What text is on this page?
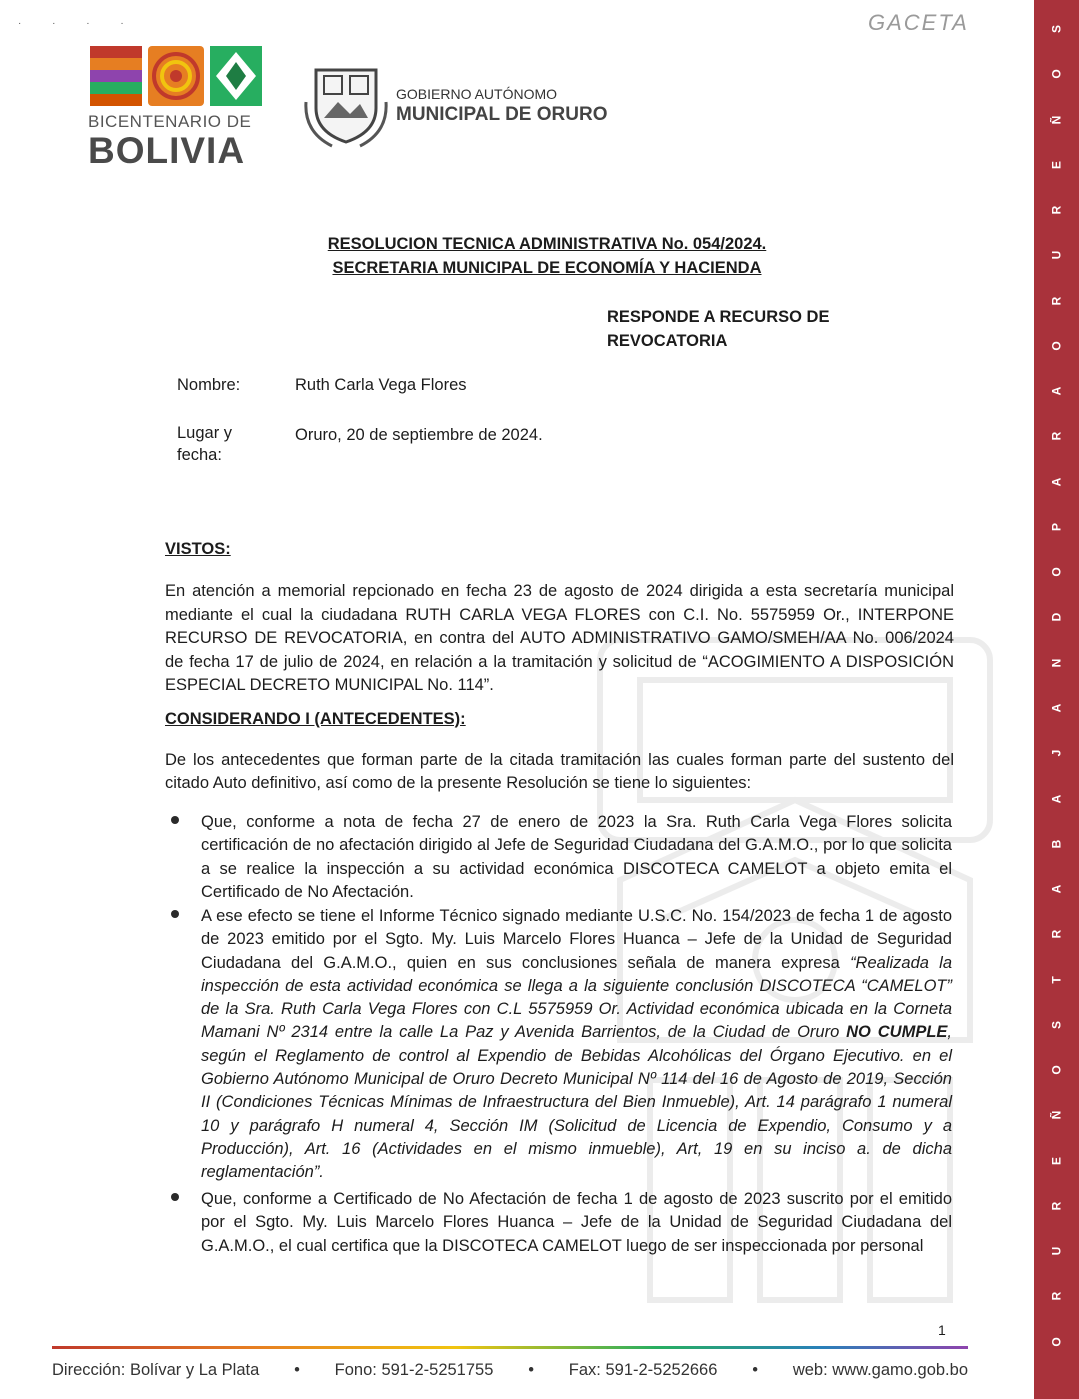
S
O
Ñ
E
R
U
R
O
A
R
A
P
O
D
N
A
J
A
B
A
R
T
S
O
Ñ
E
R
U
R
O
GACETA
· · · ·
BICENTENARIO DE
BOLIVIA
GOBIERNO AUTÓNOMO
MUNICIPAL DE ORURO
RESOLUCION TECNICA ADMINISTRATIVA No. 054/2024.
SECRETARIA MUNICIPAL DE ECONOMÍA Y HACIENDA
RESPONDE A RECURSO DE
REVOCATORIA
Nombre:	Ruth Carla Vega Flores
Lugar y fecha:
Oruro, 20 de septiembre de 2024.
VISTOS:
En atención a memorial repcionado en fecha 23 de agosto de 2024 dirigida a esta secretaría municipal mediante el cual la ciudadana RUTH CARLA VEGA FLORES con C.I. No. 5575959 Or., INTERPONE RECURSO DE REVOCATORIA, en contra del AUTO ADMINISTRATIVO GAMO/SMEH/AA No. 006/2024 de fecha 17 de julio de 2024, en relación a la tramitación y solicitud de “ACOGIMIENTO A DISPOSICIÓN ESPECIAL DECRETO MUNICIPAL No. 114”.
CONSIDERANDO I (ANTECEDENTES):
De los antecedentes que forman parte de la citada tramitación las cuales forman parte del sustento del citado Auto definitivo, así como de la presente Resolución se tiene lo siguientes:
Que, conforme a nota de fecha 27 de enero de 2023 la Sra. Ruth Carla Vega Flores solicita certificación de no afectación dirigido al Jefe de Seguridad Ciudadana del G.A.M.O., por lo que solicita a se realice la inspección a su actividad económica DISCOTECA CAMELOT a objeto emita el Certificado de No Afectación.
A ese efecto se tiene el Informe Técnico signado mediante U.S.C. No. 154/2023 de fecha 1 de agosto de 2023 emitido por el Sgto. My. Luis Marcelo Flores Huanca – Jefe de la Unidad de Seguridad Ciudadana del G.A.M.O., quien en sus conclusiones señala de manera expresa “Realizada la inspección de esta actividad económica se llega a la siguiente conclusión DISCOTECA “CAMELOT” de la Sra. Ruth Carla Vega Flores con C.L 5575959 Or. Actividad económica ubicada en la Corneta Mamani Nº 2314 entre la calle La Paz y Avenida Barrientos, de la Ciudad de Oruro NO CUMPLE, según el Reglamento de control al Expendio de Bebidas Alcohólicas del Órgano Ejecutivo. en el Gobierno Autónomo Municipal de Oruro Decreto Municipal Nº 114 del 16 de Agosto de 2019, Sección II (Condiciones Técnicas Mínimas de Infraestructura del Bien Inmueble), Art. 14 parágrafo 1 numeral 10 y parágrafo H numeral 4, Sección IM (Solicitud de Licencia de Expendio, Consumo y a Producción), Art. 16 (Actividades en el mismo inmueble), Art, 19 en su inciso a. de dicha reglamentación”.
Que, conforme a Certificado de No Afectación de fecha 1 de agosto de 2023 suscrito por el emitido por el Sgto. My. Luis Marcelo Flores Huanca – Jefe de la Unidad de Seguridad Ciudadana del G.A.M.O., el cual certifica que la DISCOTECA CAMELOT luego de ser inspeccionada por personal
1
Dirección: Bolívar y La Plata • Fono: 591-2-5251755 • Fax: 591-2-5252666 • web: www.gamo.gob.bo
